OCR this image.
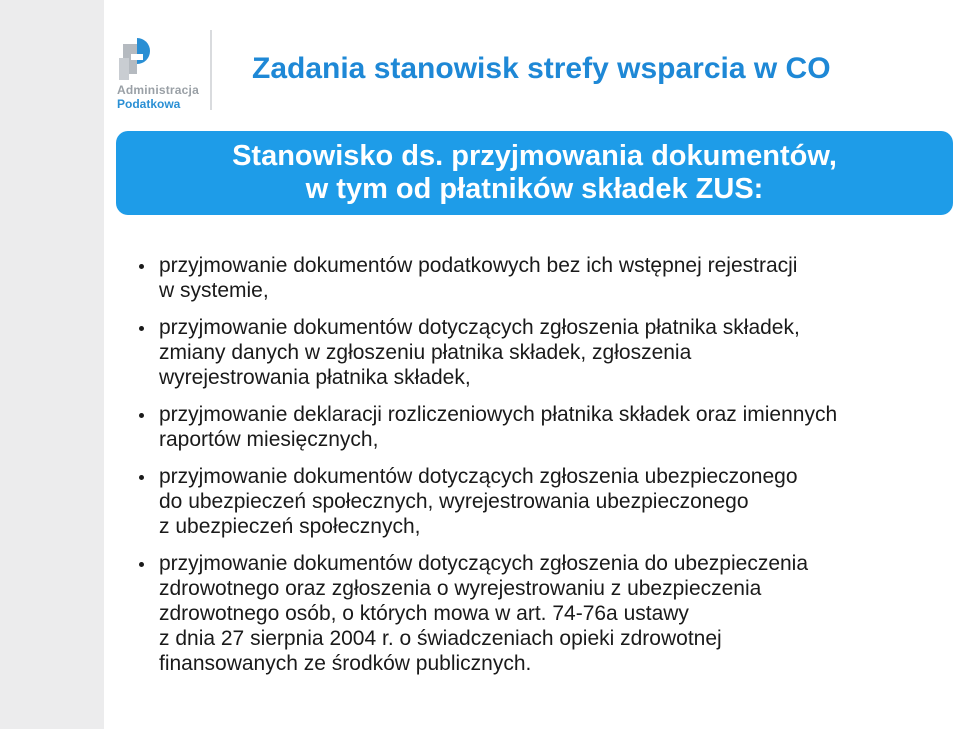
Administracja
Podatkowa
Zadania stanowisk strefy wsparcia w CO
Stanowisko ds. przyjmowania dokumentów,
w tym od płatników składek ZUS:
przyjmowanie dokumentów podatkowych bez ich wstępnej rejestracji
w systemie,
przyjmowanie dokumentów dotyczących zgłoszenia płatnika składek,
zmiany danych w zgłoszeniu płatnika składek, zgłoszenia
wyrejestrowania płatnika składek,
przyjmowanie deklaracji rozliczeniowych płatnika składek oraz imiennych
raportów miesięcznych,
przyjmowanie dokumentów dotyczących zgłoszenia ubezpieczonego
do ubezpieczeń społecznych, wyrejestrowania ubezpieczonego
z ubezpieczeń społecznych,
przyjmowanie dokumentów dotyczących zgłoszenia do ubezpieczenia
zdrowotnego oraz zgłoszenia o wyrejestrowaniu z ubezpieczenia
zdrowotnego osób, o których mowa w art. 74-76a ustawy
z dnia 27 sierpnia 2004 r. o świadczeniach opieki zdrowotnej
finansowanych ze środków publicznych.
